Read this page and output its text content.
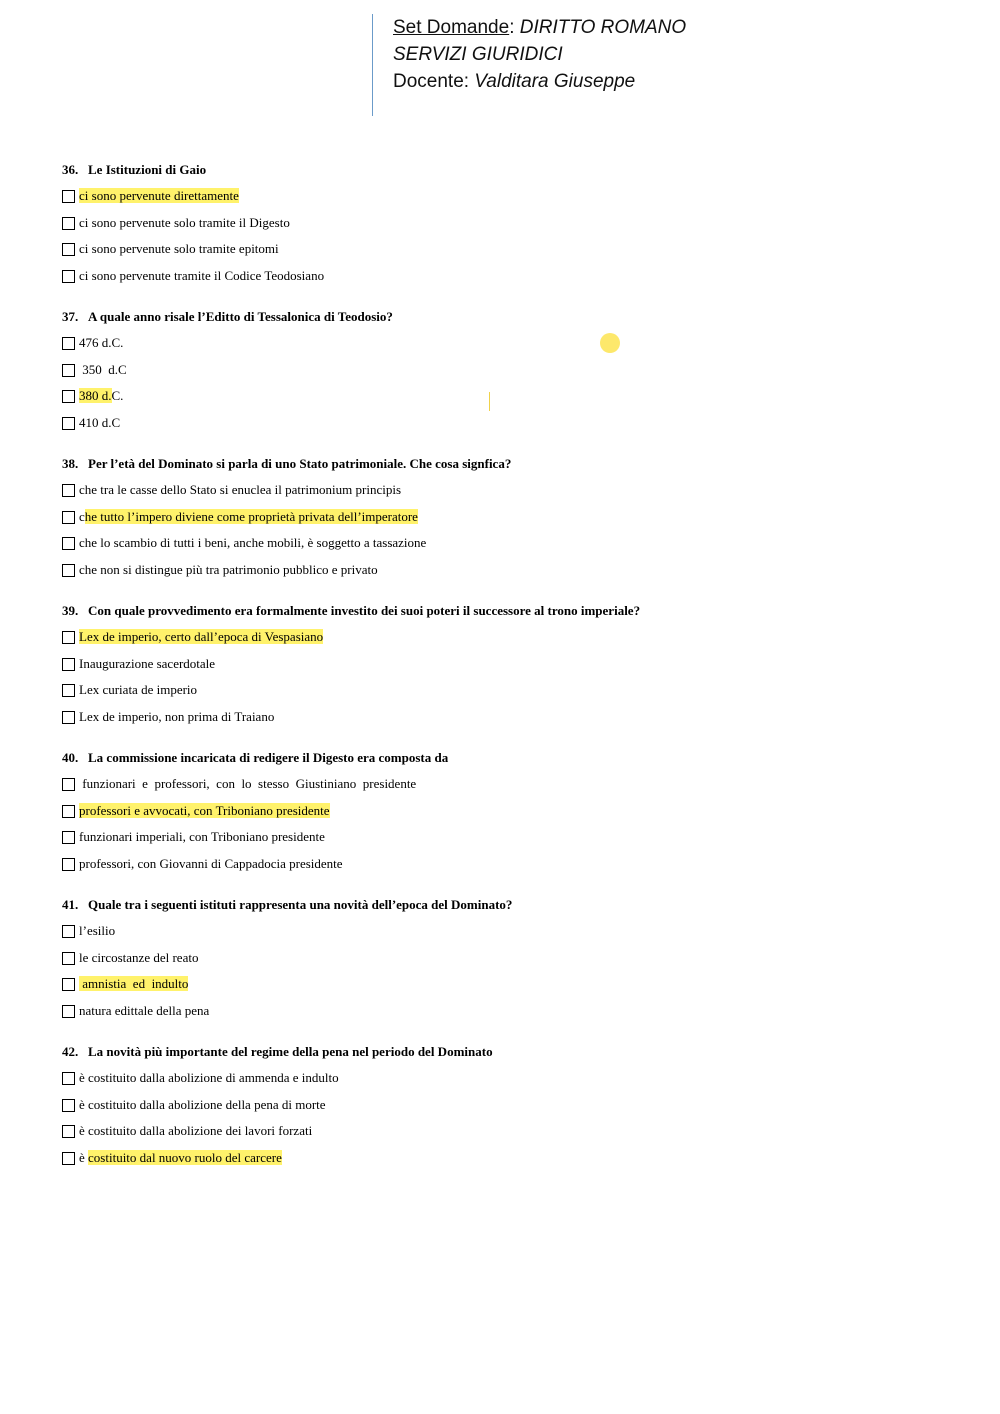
Set Domande: DIRITTO ROMANO
SERVIZI GIURIDICI
Docente: Valditara Giuseppe
36. Le Istituzioni di Gaio
ci sono pervenute direttamente
ci sono pervenute solo tramite il Digesto
ci sono pervenute solo tramite epitomi
ci sono pervenute tramite il Codice Teodosiano
37. A quale anno risale l’Editto di Tessalonica di Teodosio?
476 d.C.
350  d.C
380 d.C.
410 d.C
38. Per l’età del Dominato si parla di uno Stato patrimoniale. Che cosa signfica?
che tra le casse dello Stato si enuclea il patrimonium principis
che tutto l’impero diviene come proprietà privata dell’imperatore
che lo scambio di tutti i beni, anche mobili, è soggetto a tassazione
che non si distingue più tra patrimonio pubblico e privato
39. Con quale provvedimento era formalmente investito dei suoi poteri il successore al trono imperiale?
Lex de imperio, certo dall’epoca di Vespasiano
Inaugurazione sacerdotale
Lex curiata de imperio
Lex de imperio, non prima di Traiano
40. La commissione incaricata di redigere il Digesto era composta da
funzionari  e  professori,  con  lo  stesso  Giustiniano  presidente
professori e avvocati, con Triboniano presidente
funzionari imperiali, con Triboniano presidente
professori, con Giovanni di Cappadocia presidente
41. Quale tra i seguenti istituti rappresenta una novità dell’epoca del Dominato?
l’esilio
le circostanze del reato
amnistia  ed  indulto
natura edittale della pena
42. La novità più importante del regime della pena nel periodo del Dominato
è costituito dalla abolizione di ammenda e indulto
è costituito dalla abolizione della pena di morte
è costituito dalla abolizione dei lavori forzati
è costituito dal nuovo ruolo del carcere
